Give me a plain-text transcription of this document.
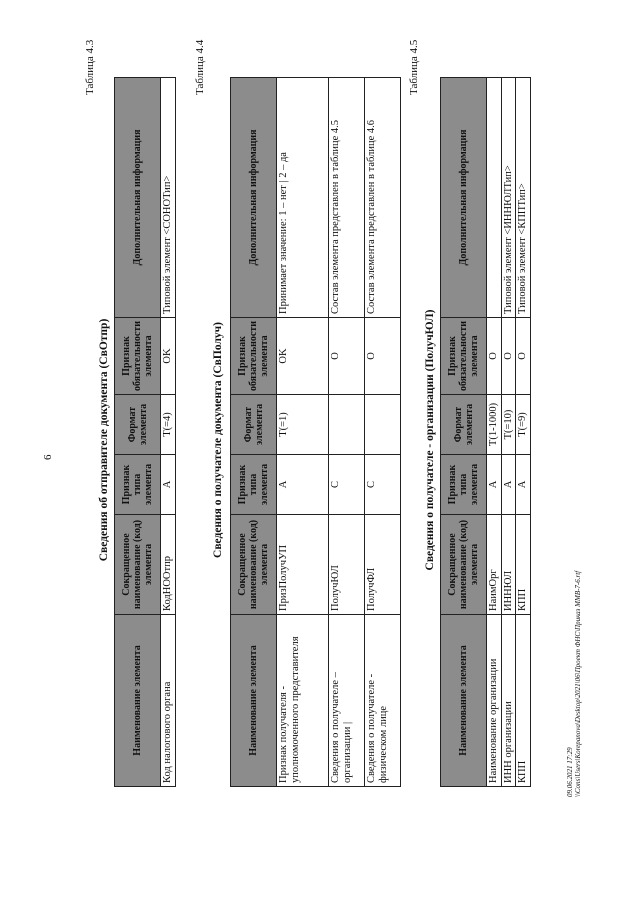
6
Таблица 4.3
Сведения об отправителе документа (СвОтпр)
Наименование элемента	Сокращенное наименование (код) элемента	Признак типа элемента	Формат элемента	Признак обязательности элемента	Дополнительная информация
Код налогового органа	КодНОOтпр	A	T(=4)	OK	Типовой элемент <СОНОТип>
Таблица 4.4
Сведения о получателе документа (СвПолуч)
Наименование элемента	Сокращенное наименование (код) элемента	Признак типа элемента	Формат элемента	Признак обязательности элемента	Дополнительная информация
Признак получателя - уполномоченного представителя	ПризПолучУП	A	T(=1)	OK	Принимает значение: 1 – нет | 2 – да
Сведения о получателе – организации |	ПолучЮЛ	C		O	Состав элемента представлен в таблице 4.5
Сведения о получателе - физическом лице	ПолучФЛ	C		O	Состав элемента представлен в таблице 4.6
Таблица 4.5
Сведения о получателе - организации (ПолучЮЛ)
Наименование элемента	Сокращенное наименование (код) элемента	Признак типа элемента	Формат элемента	Признак обязательности элемента	Дополнительная информация
Наименование организации	НаимОрг	A	T(1-1000)	O	
ИНН организации	ИННЮЛ	A	T(=10)	O	Типовой элемент <ИННЮЛТип>
КПП	КПП	A	T(=9)	O	Типовой элемент <КППТип>
09.06.2021 17:29 \\Cons\Users\Korepanova\Desktop\2021\06\Проект ФНС\Приказ ММВ-7-6.rtf
